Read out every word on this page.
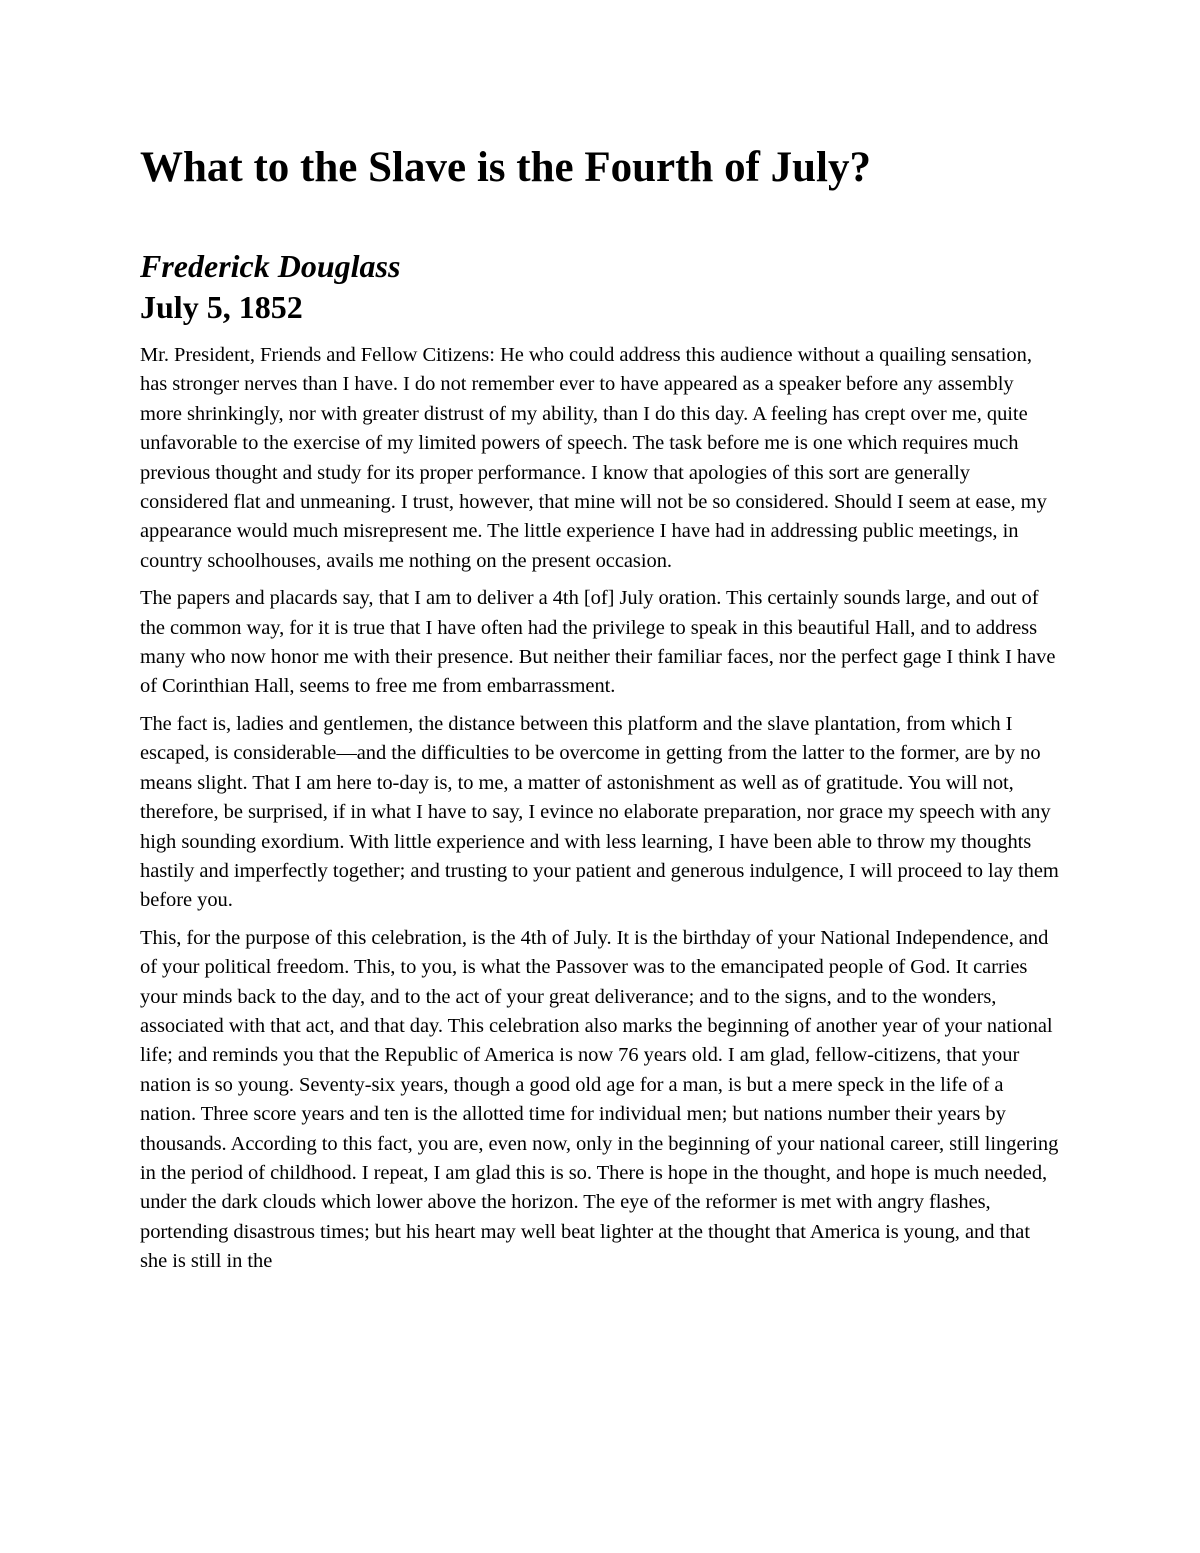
What to the Slave is the Fourth of July?
Frederick Douglass
July 5, 1852

Mr. President, Friends and Fellow Citizens: He who could address this audience without a quailing sensation, has stronger nerves than I have. I do not remember ever to have appeared as a speaker before any assembly more shrinkingly, nor with greater distrust of my ability, than I do this day. A feeling has crept over me, quite unfavorable to the exercise of my limited powers of speech. The task before me is one which requires much previous thought and study for its proper performance. I know that apologies of this sort are generally considered flat and unmeaning. I trust, however, that mine will not be so considered. Should I seem at ease, my appearance would much misrepresent me. The little experience I have had in addressing public meetings, in country schoolhouses, avails me nothing on the present occasion.

The papers and placards say, that I am to deliver a 4th [of] July oration. This certainly sounds large, and out of the common way, for it is true that I have often had the privilege to speak in this beautiful Hall, and to address many who now honor me with their presence. But neither their familiar faces, nor the perfect gage I think I have of Corinthian Hall, seems to free me from embarrassment.

The fact is, ladies and gentlemen, the distance between this platform and the slave plantation, from which I escaped, is considerable—and the difficulties to be overcome in getting from the latter to the former, are by no means slight. That I am here to-day is, to me, a matter of astonishment as well as of gratitude. You will not, therefore, be surprised, if in what I have to say, I evince no elaborate preparation, nor grace my speech with any high sounding exordium. With little experience and with less learning, I have been able to throw my thoughts hastily and imperfectly together; and trusting to your patient and generous indulgence, I will proceed to lay them before you.

This, for the purpose of this celebration, is the 4th of July. It is the birthday of your National Independence, and of your political freedom. This, to you, is what the Passover was to the emancipated people of God. It carries your minds back to the day, and to the act of your great deliverance; and to the signs, and to the wonders, associated with that act, and that day. This celebration also marks the beginning of another year of your national life; and reminds you that the Republic of America is now 76 years old. I am glad, fellow-citizens, that your nation is so young. Seventy-six years, though a good old age for a man, is but a mere speck in the life of a nation. Three score years and ten is the allotted time for individual men; but nations number their years by thousands. According to this fact, you are, even now, only in the beginning of your national career, still lingering in the period of childhood. I repeat, I am glad this is so. There is hope in the thought, and hope is much needed, under the dark clouds which lower above the horizon. The eye of the reformer is met with angry flashes, portending disastrous times; but his heart may well beat lighter at the thought that America is young, and that she is still in the
